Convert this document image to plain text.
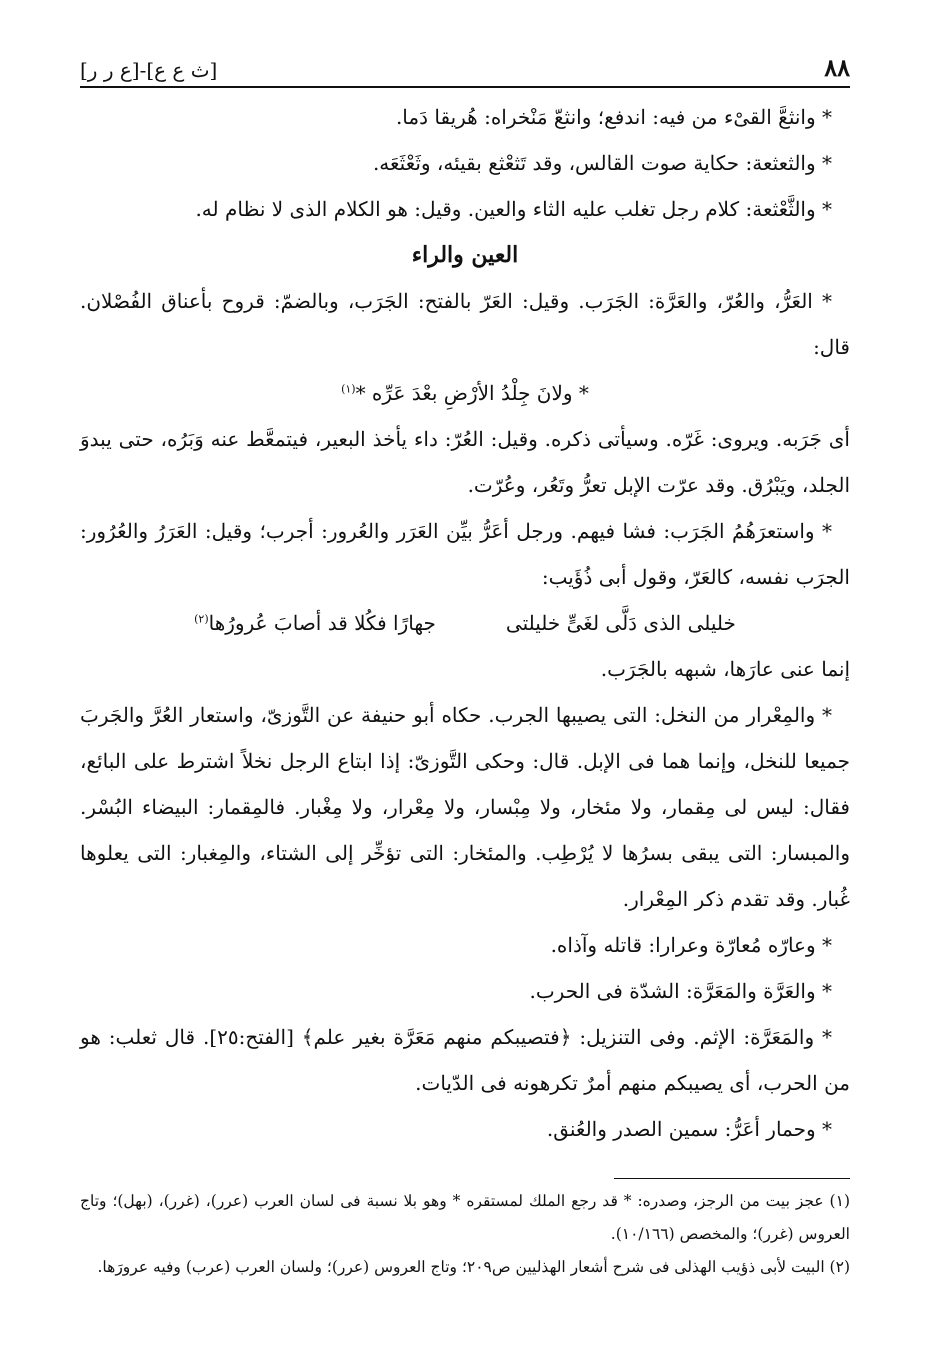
٨٨
[ث ع ع]-[ع ر ر]

* وانثعَّ القىْء من فيه: اندفع؛ وانثعّ مَنْخراه: هُريقا دَما.

* والثعثعة: حكاية صوت القالس، وقد تَثعْثع بقيئه، وثَعْثَعَه.

* والثَّعْثعة: كلام رجل تغلب عليه الثاء والعين. وقيل: هو الكلام الذى لا نظام له.

العين والراء

* العَرُّ، والعُرّ، والعَرَّة: الجَرَب. وقيل: العَرّ بالفتح: الجَرَب، وبالضمّ: قروح بأعناق الفُصْلان. قال:

* ولانَ جِلْدُ الأرْضِ بعْدَ عَرِّه *$^{(١)}$

أى جَرَبه. ويروى: غَرّه. وسيأتى ذكره. وقيل: العُرّ: داء يأخذ البعير، فيتمعَّط عنه وَبَرُه، حتى يبدوَ الجلد، ويَبْرُق. وقد عرّت الإبل تعرُّ وتَعُر، وعُرّت.

* واستعرَهُمُ الجَرَب: فشا فيهم. ورجل أعَرُّ بيِّن العَرَر والعُرور: أجرب؛ وقيل: العَرَرُ والعُرُور: الجرَب نفسه، كالعَرّ، وقول أبى ذُؤَيب:

خليلى الذى دَلَّى لغَىٍّ خليلتى
جهارًا فكُلا قد أصابَ عُرورُها$^{(٢)}$

إنما عنى عارَها، شبهه بالجَرَب.

* والمِعْرار من النخل: التى يصيبها الجرب. حكاه أبو حنيفة عن التَّوزىّ، واستعار العُرَّ والجَربَ جميعا للنخل، وإنما هما فى الإبل. قال: وحكى التَّوزىّ: إذا ابتاع الرجل نخلاً اشترط على البائع، فقال: ليس لى مِقمار، ولا مئخار، ولا مِبْسار، ولا مِعْرار، ولا مِغْبار. فالمِقمار: البيضاء البُسْر. والمبسار: التى يبقى بسرُها لا يُرْطِب. والمئخار: التى تؤخِّر إلى الشتاء، والمِغبار: التى يعلوها غُبار. وقد تقدم ذكر المِعْرار.

* وعارّه مُعارّة وعرارا: قاتله وآذاه.

* والعَرَّة والمَعَرَّة: الشدّة فى الحرب.

* والمَعَرَّة: الإثم. وفى التنزيل: ﴿فتصيبكم منهم مَعَرَّة بغير علم﴾ [الفتح:٢٥]. قال ثعلب: هو من الحرب، أى يصيبكم منهم أمرٌ تكرهونه فى الدّيات.

* وحمار أعَرُّ: سمين الصدر والعُنق.

(١) عجز بيت من الرجز، وصدره: * قد رجع الملك لمستقره * وهو بلا نسبة فى لسان العرب (عرر)، (غرر)، (بهل)؛ وتاج العروس (غرر)؛ والمخصص (١٠/١٦٦).

(٢) البيت لأبى ذؤيب الهذلى فى شرح أشعار الهذليين ص٢٠٩؛ وتاج العروس (عرر)؛ ولسان العرب (عرب) وفيه عرورَها.
